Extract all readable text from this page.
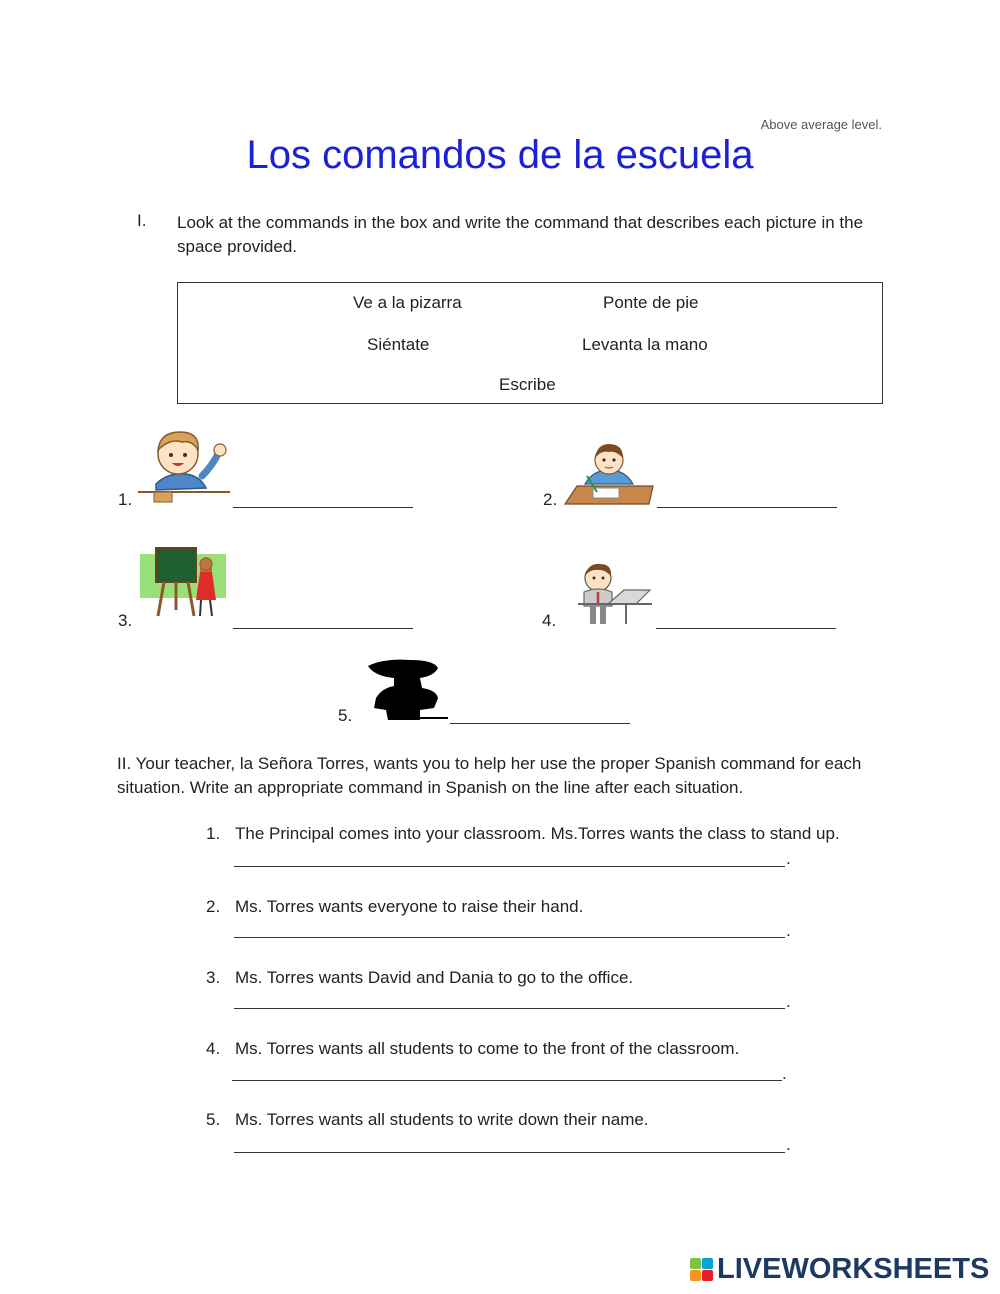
Above average level.
Los comandos de la escuela
I. Look at the commands in the box and write the command that describes each picture in the space provided.
Ve a la pizarra	Ponte de pie
Siéntate	Levanta la mano
Escribe
1.	2.
3.	4.
5.
II. Your teacher, la Señora Torres, wants you to help her use the proper Spanish command for each situation. Write an appropriate command in Spanish on the line after each situation.
1. The Principal comes into your classroom. Ms.Torres wants the class to stand up.
.
2. Ms. Torres wants everyone to raise their hand.
.
3. Ms. Torres wants David and Dania to go to the office.
.
4. Ms. Torres wants all students to come to the front of the classroom.
.
5. Ms. Torres wants all students to write down their name.
.
LIVEWORKSHEETS
